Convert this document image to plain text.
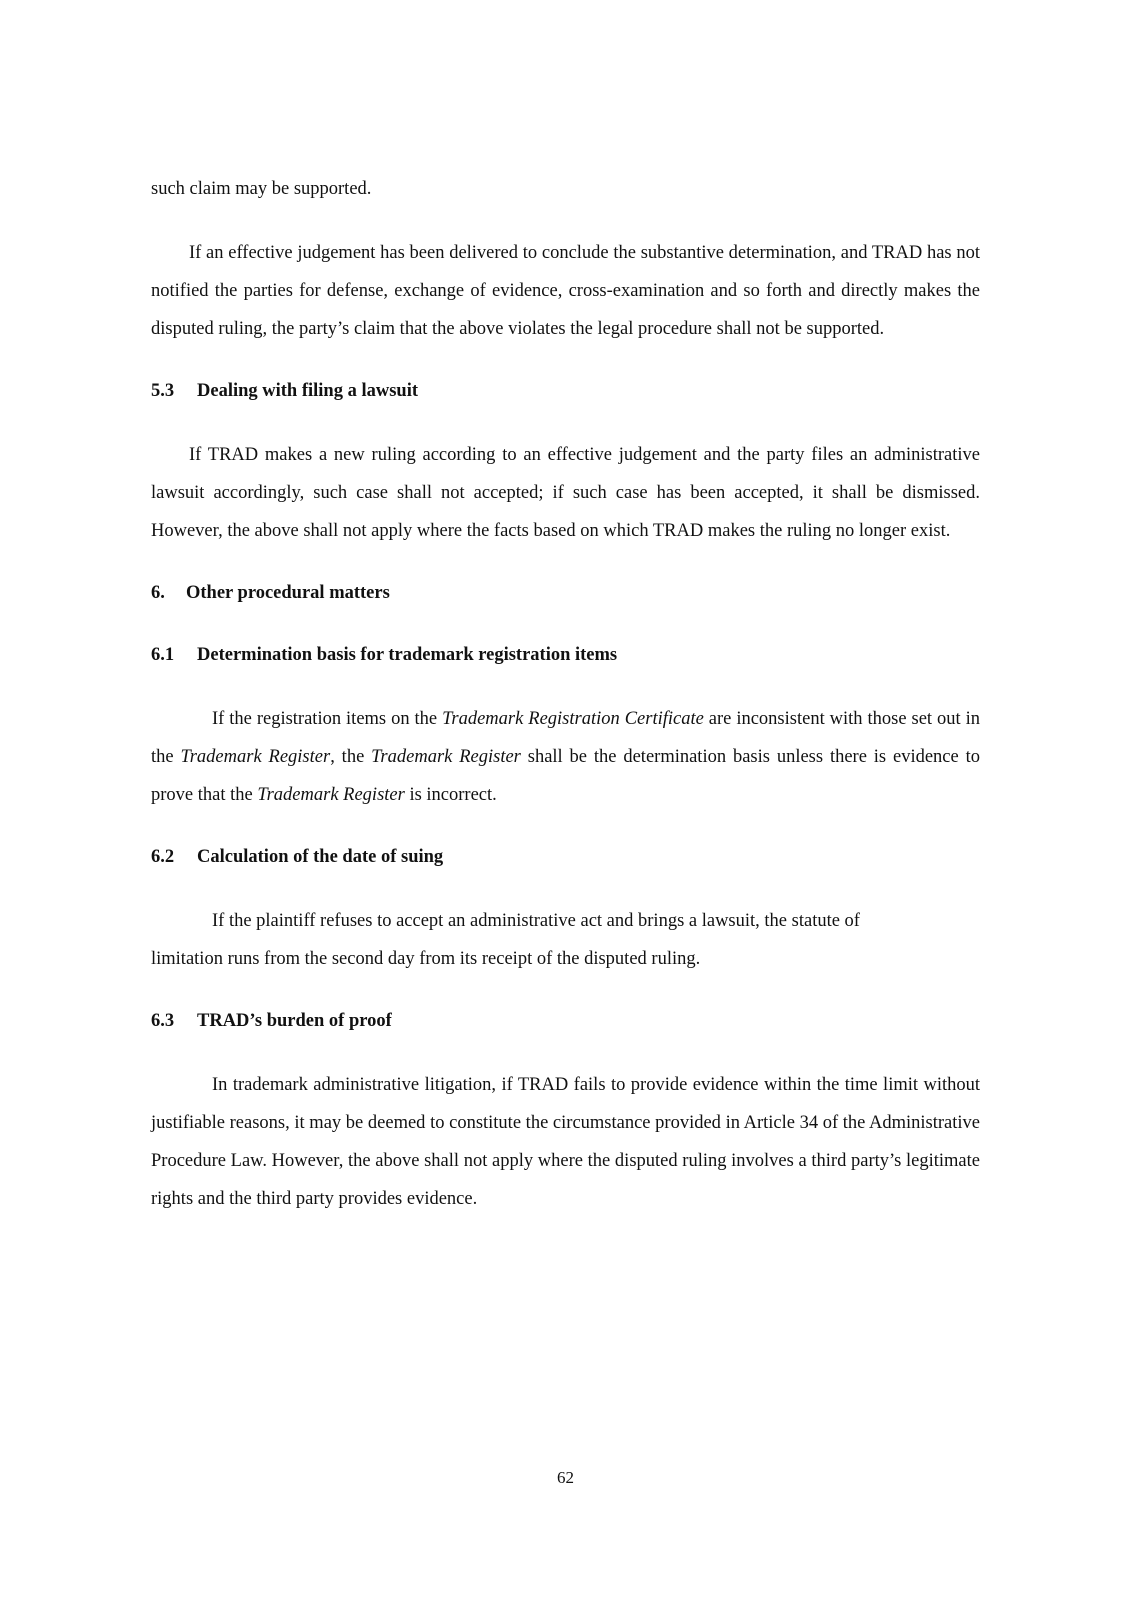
such claim may be supported.

If an effective judgement has been delivered to conclude the substantive determination, and TRAD has not notified the parties for defense, exchange of evidence, cross-examination and so forth and directly makes the disputed ruling, the party’s claim that the above violates the legal procedure shall not be supported.

5.3 Dealing with filing a lawsuit

If TRAD makes a new ruling according to an effective judgement and the party files an administrative lawsuit accordingly, such case shall not accepted; if such case has been accepted, it shall be dismissed. However, the above shall not apply where the facts based on which TRAD makes the ruling no longer exist.

6. Other procedural matters
6.1 Determination basis for trademark registration items

If the registration items on the Trademark Registration Certificate are inconsistent with those set out in the Trademark Register, the Trademark Register shall be the determination basis unless there is evidence to prove that the Trademark Register is incorrect.

6.2 Calculation of the date of suing

If the plaintiff refuses to accept an administrative act and brings a lawsuit, the statute of

limitation runs from the second day from its receipt of the disputed ruling.

6.3 TRAD’s burden of proof

In trademark administrative litigation, if TRAD fails to provide evidence within the time limit without justifiable reasons, it may be deemed to constitute the circumstance provided in Article 34 of the Administrative Procedure Law. However, the above shall not apply where the disputed ruling involves a third party’s legitimate rights and the third party provides evidence.

62
